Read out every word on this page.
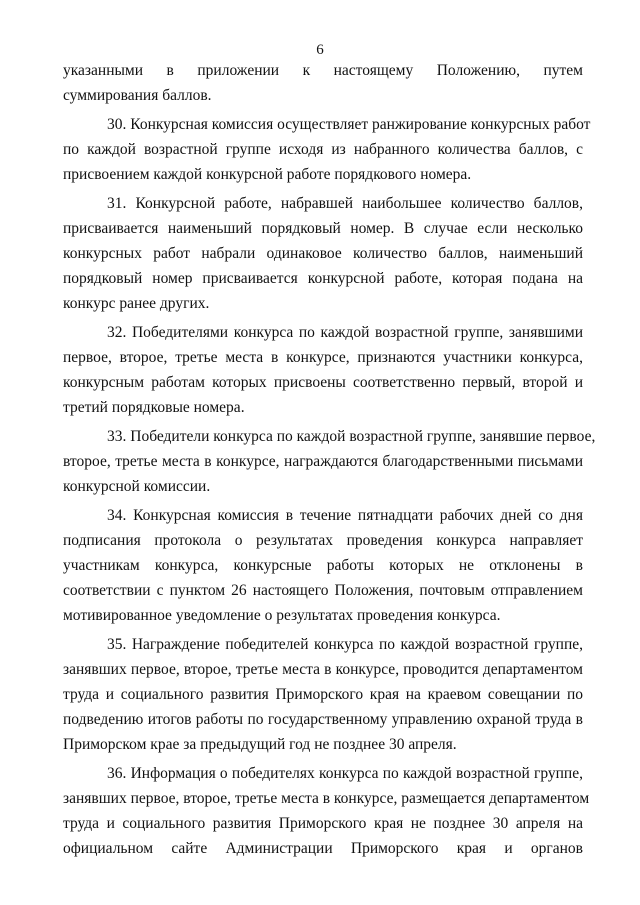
6
указанными в приложении к настоящему Положению, путем
суммирования баллов.
30. Конкурсная комиссия осуществляет ранжирование конкурсных работ
по каждой возрастной группе исходя из набранного количества баллов, с
присвоением каждой конкурсной работе порядкового номера.
31. Конкурсной работе, набравшей наибольшее количество баллов,
присваивается наименьший порядковый номер. В случае если несколько
конкурсных работ набрали одинаковое количество баллов, наименьший
порядковый номер присваивается конкурсной работе, которая подана на
конкурс ранее других.
32. Победителями конкурса по каждой возрастной группе, занявшими
первое, второе, третье места в конкурсе, признаются участники конкурса,
конкурсным работам которых присвоены соответственно первый, второй и
третий порядковые номера.
33. Победители конкурса по каждой возрастной группе, занявшие первое,
второе, третье места в конкурсе, награждаются благодарственными письмами
конкурсной комиссии.
34. Конкурсная комиссия в течение пятнадцати рабочих дней со дня
подписания протокола о результатах проведения конкурса направляет
участникам конкурса, конкурсные работы которых не отклонены в
соответствии с пунктом 26 настоящего Положения, почтовым отправлением
мотивированное уведомление о результатах проведения конкурса.
35. Награждение победителей конкурса по каждой возрастной группе,
занявших первое, второе, третье места в конкурсе, проводится департаментом
труда и социального развития Приморского края на краевом совещании по
подведению итогов работы по государственному управлению охраной труда в
Приморском крае за предыдущий год не позднее 30 апреля.
36. Информация о победителях конкурса по каждой возрастной группе,
занявших первое, второе, третье места в конкурсе, размещается департаментом
труда и социального развития Приморского края не позднее 30 апреля на
официальном сайте Администрации Приморского края и органов
